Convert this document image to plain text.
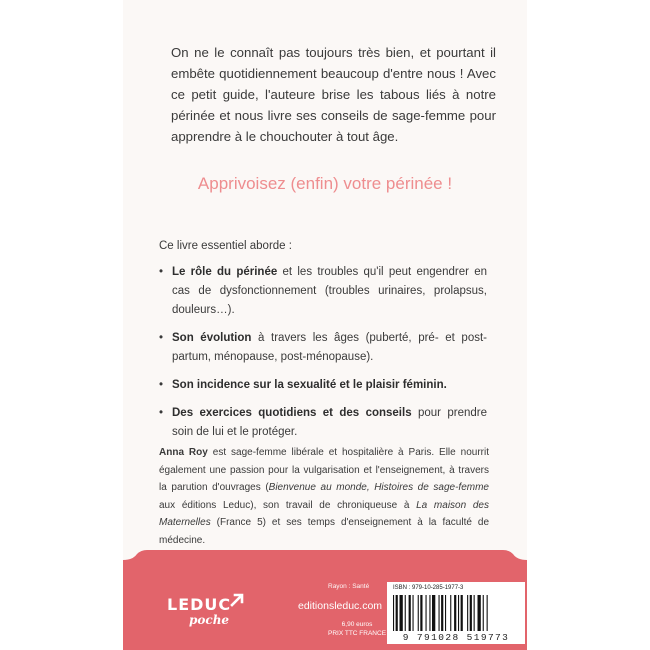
On ne le connaît pas toujours très bien, et pourtant il embête quotidiennement beaucoup d'entre nous ! Avec ce petit guide, l'auteure brise les tabous liés à notre périnée et nous livre ses conseils de sage-femme pour apprendre à le chouchouter à tout âge.

Apprivoisez (enfin) votre périnée !

Ce livre essentiel aborde :

• Le rôle du périnée et les troubles qu'il peut engendrer en cas de dysfonctionnement (troubles urinaires, prolapsus, douleurs…).
• Son évolution à travers les âges (puberté, pré- et post-partum, ménopause, post-ménopause).
• Son incidence sur la sexualité et le plaisir féminin.
• Des exercices quotidiens et des conseils pour prendre soin de lui et le protéger.

Anna Roy est sage-femme libérale et hospitalière à Paris. Elle nourrit également une passion pour la vulgarisation et l'enseignement, à travers la parution d'ouvrages (Bienvenue au monde, Histoires de sage-femme aux éditions Leduc), son travail de chroniqueuse à La maison des Maternelles (France 5) et ses temps d'enseignement à la faculté de médecine.

LEDUC
poche
Rayon : Santé
editionsleduc.com
6,90 euros
PRIX TTC FRANCE
ISBN : 979-10-285-1977-3
9 791028 519773
